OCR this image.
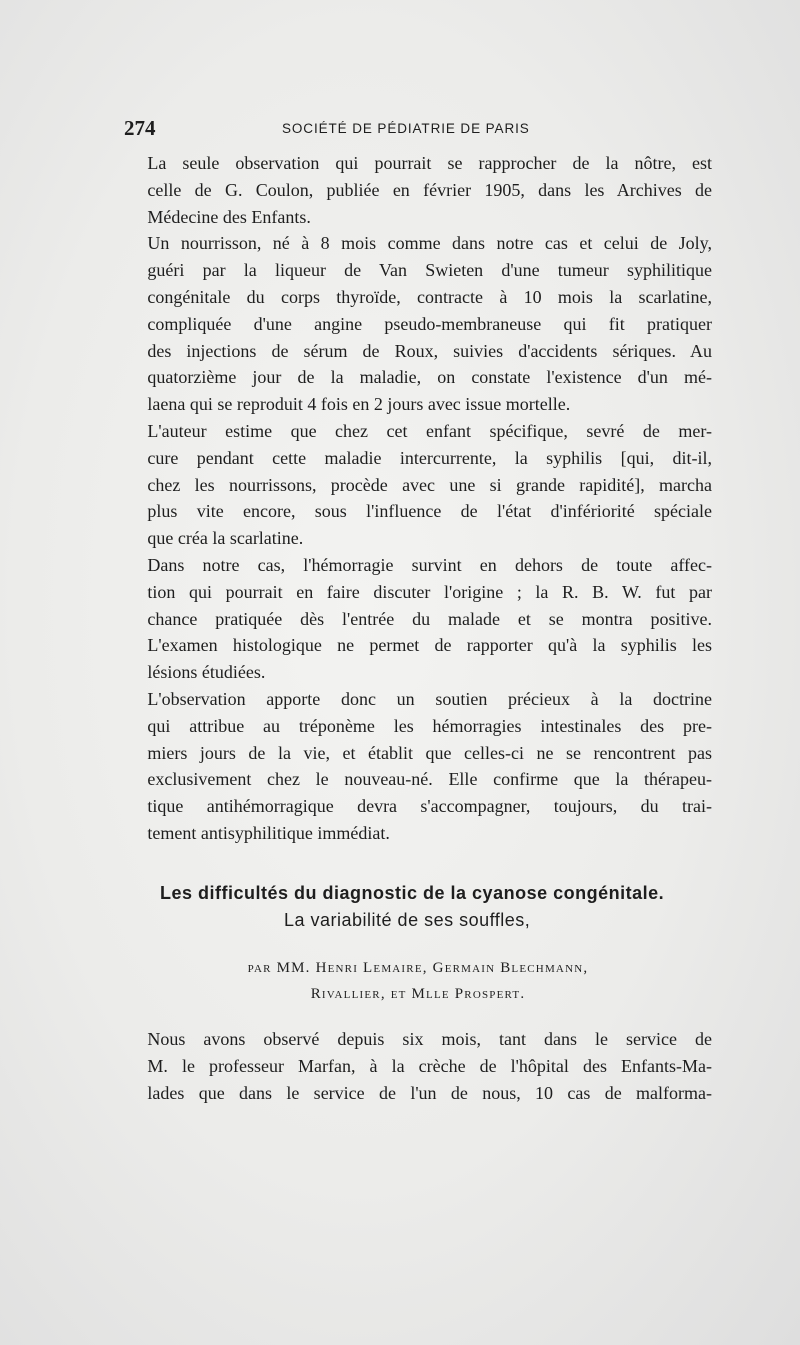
274	SOCIÉTÉ DE PÉDIATRIE DE PARIS
La seule observation qui pourrait se rapprocher de la nôtre, est
celle de G. Coulon, publiée en février 1905, dans les Archives de
Médecine des Enfants.
Un nourrisson, né à 8 mois comme dans notre cas et celui de Joly,
guéri par la liqueur de Van Swieten d'une tumeur syphilitique
congénitale du corps thyroïde, contracte à 10 mois la scarlatine,
compliquée d'une angine pseudo-membraneuse qui fit pratiquer
des injections de sérum de Roux, suivies d'accidents sériques. Au
quatorzième jour de la maladie, on constate l'existence d'un mé-
laena qui se reproduit 4 fois en 2 jours avec issue mortelle.
L'auteur estime que chez cet enfant spécifique, sevré de mer-
cure pendant cette maladie intercurrente, la syphilis [qui, dit-il,
chez les nourrissons, procède avec une si grande rapidité], marcha
plus vite encore, sous l'influence de l'état d'infériorité spéciale
que créa la scarlatine.
Dans notre cas, l'hémorragie survint en dehors de toute affec-
tion qui pourrait en faire discuter l'origine ; la R. B. W. fut par
chance pratiquée dès l'entrée du malade et se montra positive.
L'examen histologique ne permet de rapporter qu'à la syphilis les
lésions étudiées.
L'observation apporte donc un soutien précieux à la doctrine
qui attribue au tréponème les hémorragies intestinales des pre-
miers jours de la vie, et établit que celles-ci ne se rencontrent pas
exclusivement chez le nouveau-né. Elle confirme que la thérapeu-
tique antihémorragique devra s'accompagner, toujours, du trai-
tement antisyphilitique immédiat.
Les difficultés du diagnostic de la cyanose congénitale.
La variabilité de ses souffles,
par MM. Henri Lemaire, Germain Blechmann,
Rivallier, et Mlle Prospert.
Nous avons observé depuis six mois, tant dans le service de
M. le professeur Marfan, à la crèche de l'hôpital des Enfants-Ma-
lades que dans le service de l'un de nous, 10 cas de malforma-
